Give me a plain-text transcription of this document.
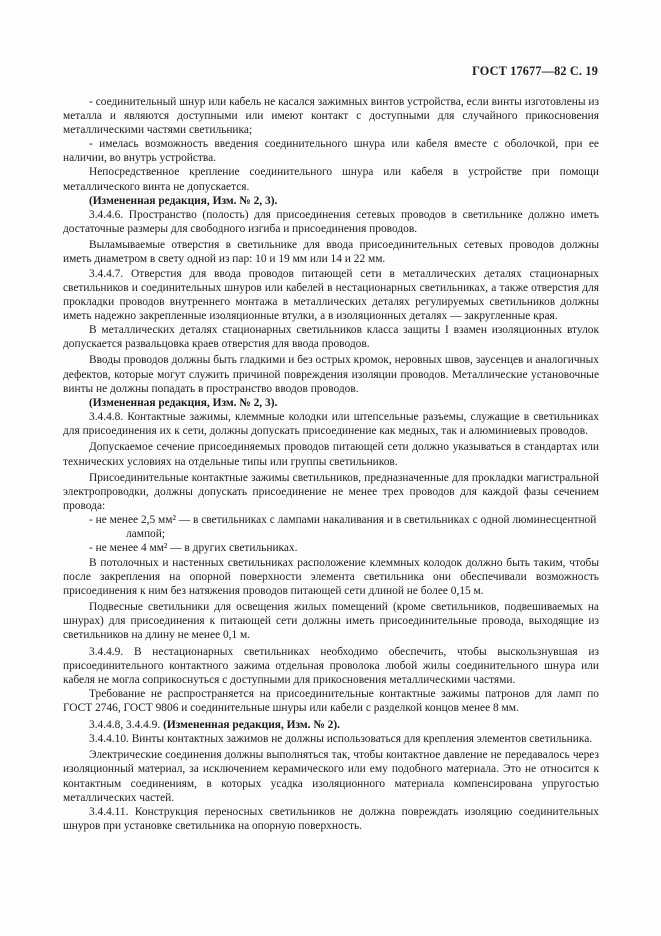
ГОСТ 17677—82 С. 19

- соединительный шнур или кабель не касался зажимных винтов устройства, если винты изготовлены из металла и являются доступными или имеют контакт с доступными для случайного прикосновения металлическими частями светильника;

- имелась возможность введения соединительного шнура или кабеля вместе с оболочкой, при ее наличии, во внутрь устройства.

Непосредственное крепление соединительного шнура или кабеля в устройстве при помощи металлического винта не допускается.

(Измененная редакция, Изм. № 2, 3).

3.4.4.6. Пространство (полость) для присоединения сетевых проводов в светильнике должно иметь достаточные размеры для свободного изгиба и присоединения проводов.

Выламываемые отверстия в светильнике для ввода присоединительных сетевых проводов должны иметь диаметром в свету одной из пар: 10 и 19 мм или 14 и 22 мм.

3.4.4.7. Отверстия для ввода проводов питающей сети в металлических деталях стационарных светильников и соединительных шнуров или кабелей в нестационарных светильниках, а также отверстия для прокладки проводов внутреннего монтажа в металлических деталях регулируемых светильников должны иметь надежно закрепленные изоляционные втулки, а в изоляционных деталях — закругленные края.

В металлических деталях стационарных светильников класса защиты I взамен изоляционных втулок допускается развальцовка краев отверстия для ввода проводов.

Вводы проводов должны быть гладкими и без острых кромок, неровных швов, заусенцев и аналогичных дефектов, которые могут служить причиной повреждения изоляции проводов. Металлические установочные винты не должны попадать в пространство вводов проводов.

(Измененная редакция, Изм. № 2, 3).

3.4.4.8. Контактные зажимы, клеммные колодки или штепсельные разъемы, служащие в светильниках для присоединения их к сети, должны допускать присоединение как медных, так и алюминиевых проводов.

Допускаемое сечение присоединяемых проводов питающей сети должно указываться в стандартах или технических условиях на отдельные типы или группы светильников.

Присоединительные контактные зажимы светильников, предназначенные для прокладки магистральной электропроводки, должны допускать присоединение не менее трех проводов для каждой фазы сечением провода:

- не менее 2,5 мм² — в светильниках с лампами накаливания и в светильниках с одной люминесцентной лампой;

- не менее 4 мм² — в других светильниках.

В потолочных и настенных светильниках расположение клеммных колодок должно быть таким, чтобы после закрепления на опорной поверхности элемента светильника они обеспечивали возможность присоединения к ним без натяжения проводов питающей сети длиной не более 0,15 м.

Подвесные светильники для освещения жилых помещений (кроме светильников, подвешиваемых на шнурах) для присоединения к питающей сети должны иметь присоединительные провода, выходящие из светильников на длину не менее 0,1 м.

3.4.4.9. В нестационарных светильниках необходимо обеспечить, чтобы выскользнувшая из присоединительного контактного зажима отдельная проволока любой жилы соединительного шнура или кабеля не могла соприкоснуться с доступными для прикосновения металлическими частями.

Требование не распространяется на присоединительные контактные зажимы патронов для ламп по ГОСТ 2746, ГОСТ 9806 и соединительные шнуры или кабели с разделкой концов менее 8 мм.

3.4.4.8, 3.4.4.9. (Измененная редакция, Изм. № 2).

3.4.4.10. Винты контактных зажимов не должны использоваться для крепления элементов светильника.

Электрические соединения должны выполняться так, чтобы контактное давление не передавалось через изоляционный материал, за исключением керамического или ему подобного материала. Это не относится к контактным соединениям, в которых усадка изоляционного материала компенсирована упругостью металлических частей.

3.4.4.11. Конструкция переносных светильников не должна повреждать изоляцию соединительных шнуров при установке светильника на опорную поверхность.
